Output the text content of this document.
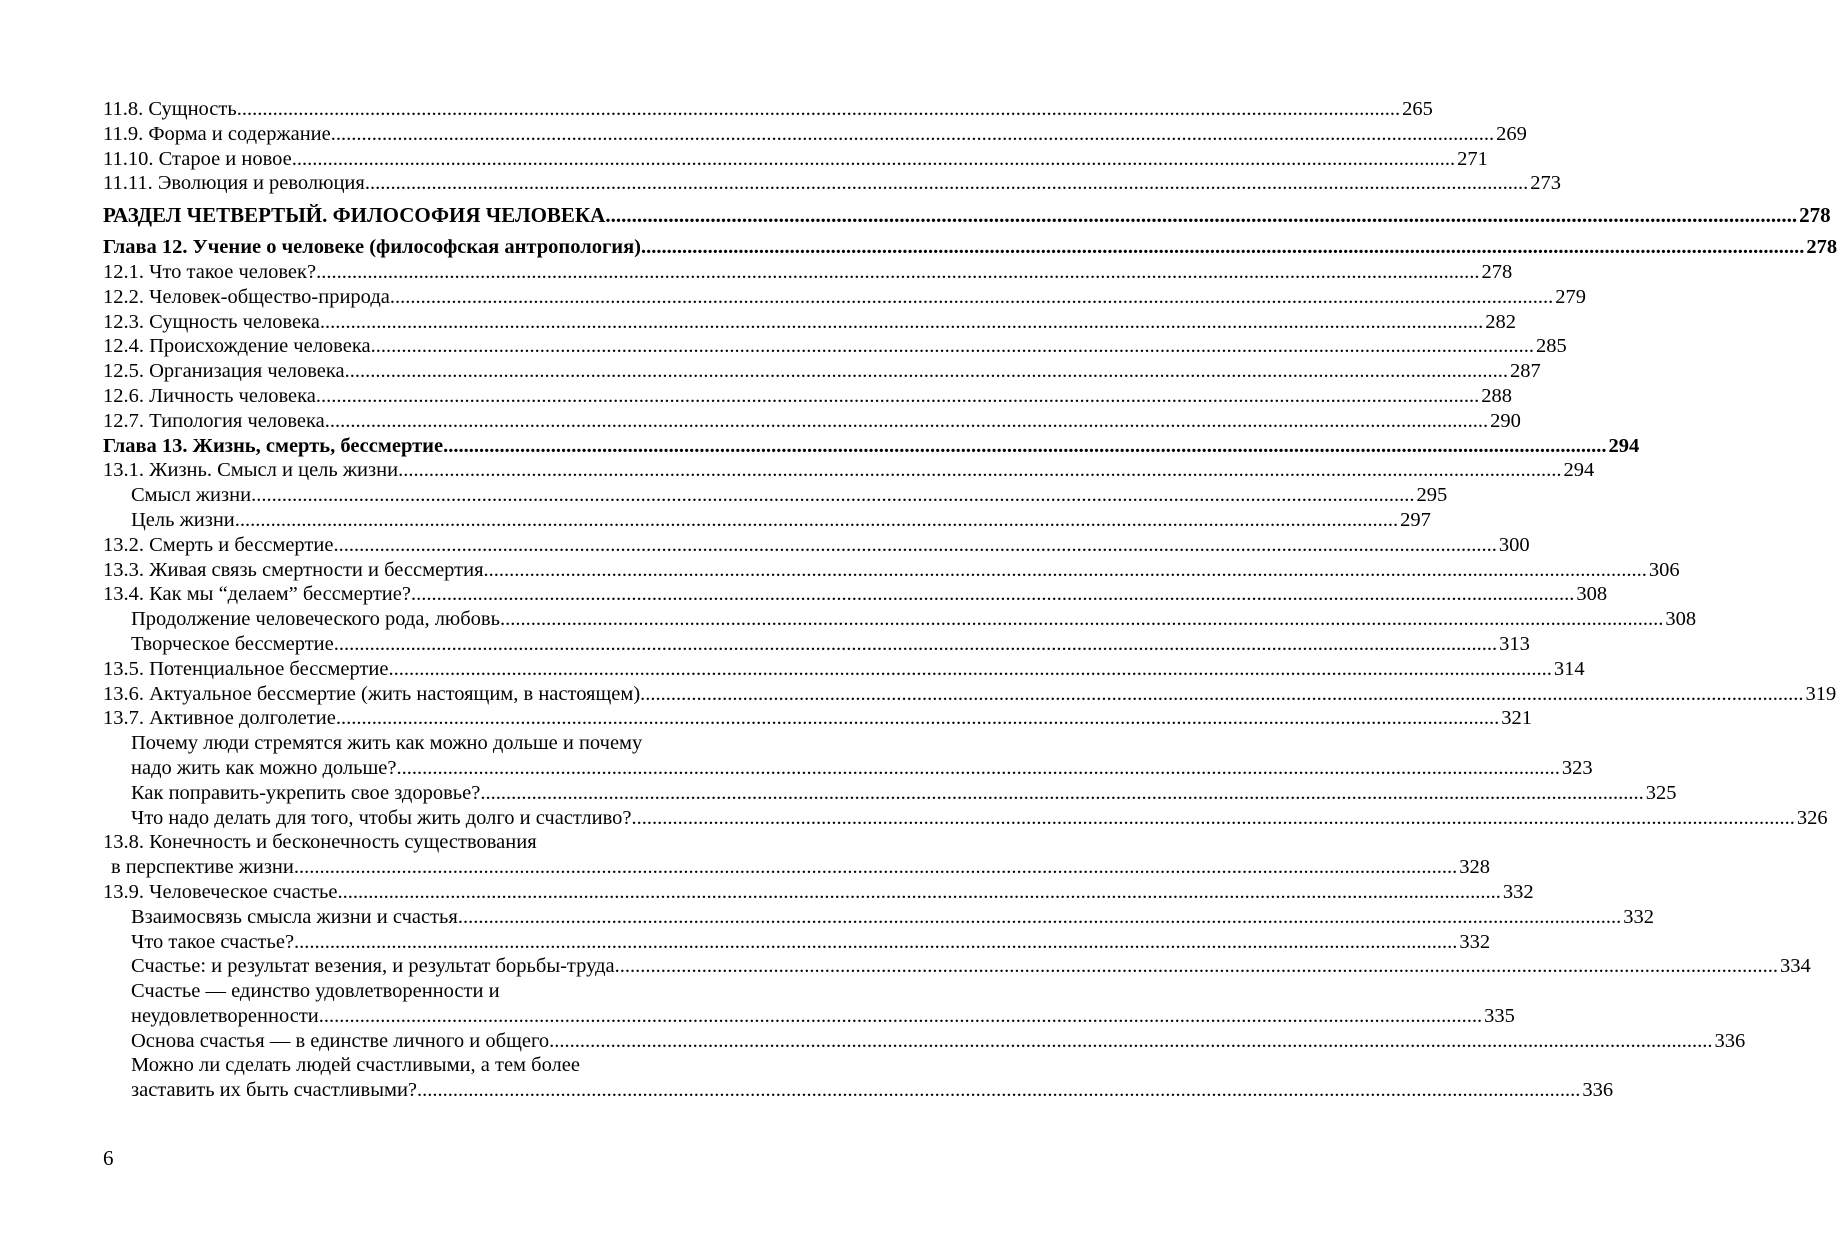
11.8. Сущность .....	265
11.9. Форма и содержание .....	269
11.10. Старое и новое .....	271
11.11. Эволюция и революция .....	273
РАЗДЕЛ ЧЕТВЕРТЫЙ. ФИЛОСОФИЯ ЧЕЛОВЕКА .....	278
Глава 12. Учение о человеке (философская антропология) .....	278
12.1. Что такое человек? .....	278
12.2. Человек-общество-природа .....	279
12.3. Сущность человека .....	282
12.4. Происхождение человека .....	285
12.5. Организация человека .....	287
12.6. Личность человека .....	288
12.7. Типология человека .....	290
Глава 13. Жизнь, смерть, бессмертие .....	294
13.1. Жизнь. Смысл и цель жизни .....	294
Смысл жизни .....	295
Цель жизни .....	297
13.2. Смерть и бессмертие .....	300
13.3. Живая связь смертности и бессмертия .....	306
13.4. Как мы “делаем” бессмертие? .....	308
Продолжение человеческого рода, любовь .....	308
Творческое бессмертие .....	313
13.5. Потенциальное бессмертие .....	314
13.6. Актуальное бессмертие (жить настоящим, в настоящем) .....	319
13.7. Активное долголетие .....	321
Почему люди стремятся жить как можно дольше и почему
надо жить как можно дольше? .....	323
Как поправить-укрепить свое здоровье? .....	325
Что надо делать для того, чтобы жить долго и счастливо? .....	326
13.8. Конечность и бесконечность существования
в перспективе жизни .....	328
13.9. Человеческое счастье .....	332
Взаимосвязь смысла жизни и счастья .....	332
Что такое счастье? .....	332
Счастье: и результат везения, и результат борьбы-труда .....	334
Счастье — единство удовлетворенности и
неудовлетворенности .....	335
Основа счастья — в единстве личного и общего .....	336
Можно ли сделать людей счастливыми, а тем более
заставить их быть счастливыми? .....	336
6
